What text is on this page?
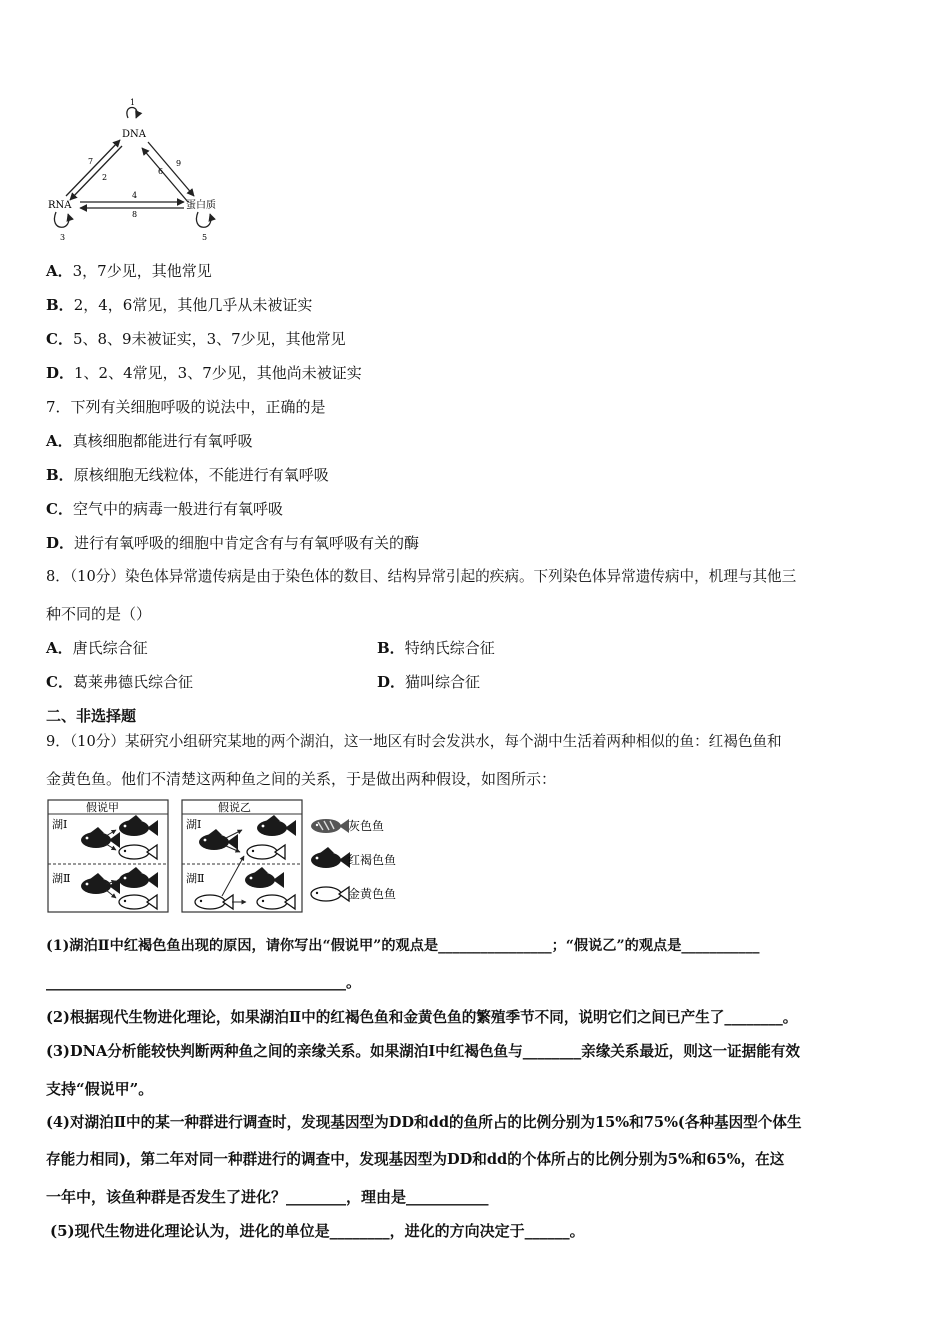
1
DNA
7
2
9
6
4
8
RNA	蛋白质
3	5
A．3，7少见，其他常见
B．2，4，6常见，其他几乎从未被证实
C．5、8、9未被证实，3、7少见，其他常见
D．1、2、4常见，3、7少见，其他尚未被证实
7．下列有关细胞呼吸的说法中，正确的是
A．真核细胞都能进行有氧呼吸
B．原核细胞无线粒体，不能进行有氧呼吸
C．空气中的病毒一般进行有氧呼吸
D．进行有氧呼吸的细胞中肯定含有与有氧呼吸有关的酶
8．（10分）染色体异常遗传病是由于染色体的数目、结构异常引起的疾病。下列染色体异常遗传病中，机理与其他三
种不同的是（）
A．唐氏综合征	B．特纳氏综合征
C．葛莱弗德氏综合征	D．猫叫综合征
二、非选择题
9．（10分）某研究小组研究某地的两个湖泊，这一地区有时会发洪水，每个湖中生活着两种相似的鱼：红褐色鱼和
金黄色鱼。他们不清楚这两种鱼之间的关系，于是做出两种假设，如图所示：
假说甲
湖Ⅰ
湖Ⅱ
假说乙
湖Ⅰ
湖Ⅱ
灰色鱼
红褐色鱼
金黄色鱼
(1)湖泊Ⅱ中红褐色鱼出现的原因，请你写出“假说甲”的观点是________________；“假说乙”的观点是___________
________________________________________。
(2)根据现代生物进化理论，如果湖泊Ⅱ中的红褐色鱼和金黄色鱼的繁殖季节不同，说明它们之间已产生了________。
(3)DNA分析能较快判断两种鱼之间的亲缘关系。如果湖泊Ⅰ中红褐色鱼与________亲缘关系最近，则这一证据能有效
支持“假说甲”。
(4)对湖泊Ⅱ中的某一种群进行调查时，发现基因型为DD和dd的鱼所占的比例分别为15%和75%(各种基因型个体生
存能力相同)，第二年对同一种群进行的调查中，发现基因型为DD和dd的个体所占的比例分别为5%和65%，在这
一年中，该鱼种群是否发生了进化？________，理由是___________
(5)现代生物进化理论认为，进化的单位是________，进化的方向决定于______。
